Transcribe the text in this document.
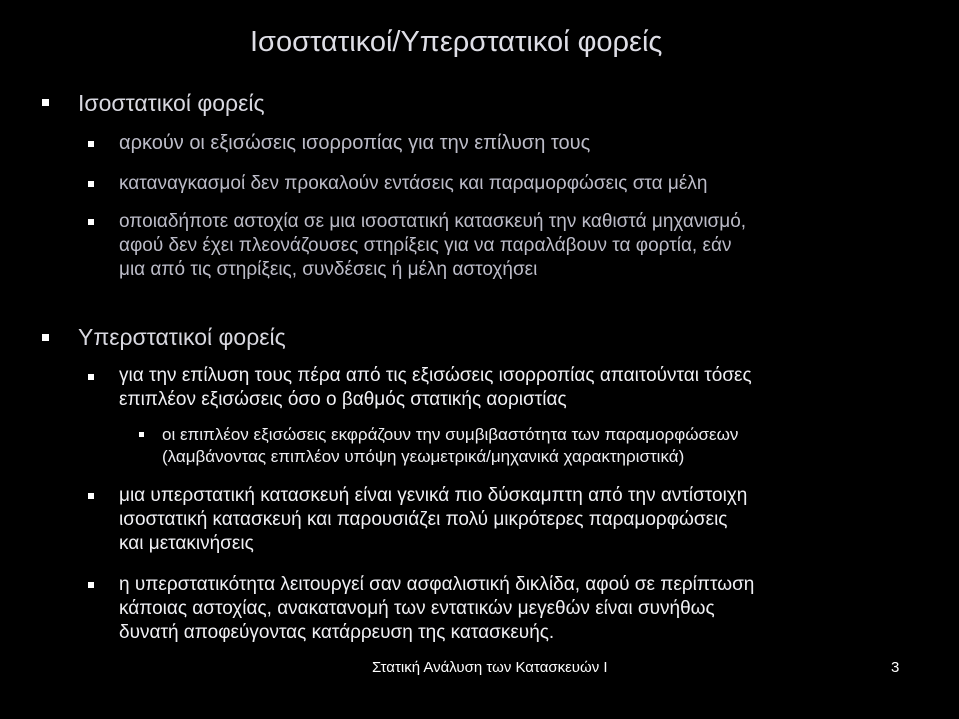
Ισοστατικοί/Υπερστατικοί φορείς
Ισοστατικοί φορείς
αρκούν οι εξισώσεις ισορροπίας για την επίλυση τους
καταναγκασμοί δεν προκαλούν εντάσεις και παραμορφώσεις στα μέλη
οποιαδήποτε αστοχία σε μια ισοστατική κατασκευή την καθιστά μηχανισμό,
αφού δεν έχει πλεονάζουσες στηρίξεις για να παραλάβουν τα φορτία, εάν
μια από τις στηρίξεις, συνδέσεις ή μέλη αστοχήσει
Υπερστατικοί φορείς
για την επίλυση τους πέρα από τις εξισώσεις ισορροπίας απαιτούνται τόσες
επιπλέον εξισώσεις όσο ο βαθμός στατικής αοριστίας
οι επιπλέον εξισώσεις εκφράζουν την συμβιβαστότητα των παραμορφώσεων
(λαμβάνοντας επιπλέον υπόψη γεωμετρικά/μηχανικά χαρακτηριστικά)
μια υπερστατική κατασκευή είναι γενικά πιο δύσκαμπτη από την αντίστοιχη
ισοστατική κατασκευή και παρουσιάζει πολύ μικρότερες παραμορφώσεις
και μετακινήσεις
η υπερστατικότητα λειτουργεί σαν ασφαλιστική δικλίδα, αφού σε περίπτωση
κάποιας αστοχίας, ανακατανομή των εντατικών μεγεθών είναι συνήθως
δυνατή αποφεύγοντας κατάρρευση της κατασκευής.
Στατική Ανάλυση των Κατασκευών Ι	3
